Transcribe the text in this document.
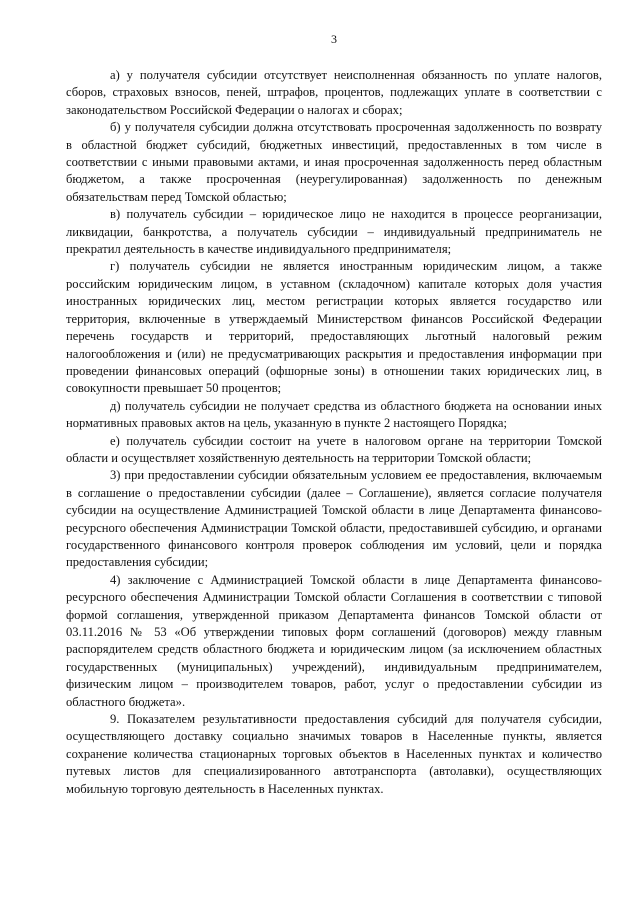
3

а) у получателя субсидии отсутствует неисполненная обязанность по уплате налогов, сборов, страховых взносов, пеней, штрафов, процентов, подлежащих уплате в соответствии с законодательством Российской Федерации о налогах и сборах;

б) у получателя субсидии должна отсутствовать просроченная задолженность по возврату в областной бюджет субсидий, бюджетных инвестиций, предоставленных в том числе в соответствии с иными правовыми актами, и иная просроченная задолженность перед областным бюджетом, а также просроченная (неурегулированная) задолженность по денежным обязательствам перед Томской областью;

в) получатель субсидии – юридическое лицо не находится в процессе реорганизации, ликвидации, банкротства, а получатель субсидии – индивидуальный предприниматель не прекратил деятельность в качестве индивидуального предпринимателя;

г) получатель субсидии не является иностранным юридическим лицом, а также российским юридическим лицом, в уставном (складочном) капитале которых доля участия иностранных юридических лиц, местом регистрации которых является государство или территория, включенные в утверждаемый Министерством финансов Российской Федерации перечень государств и территорий, предоставляющих льготный налоговый режим налогообложения и (или) не предусматривающих раскрытия и предоставления информации при проведении финансовых операций (офшорные зоны) в отношении таких юридических лиц, в совокупности превышает 50 процентов;

д) получатель субсидии не получает средства из областного бюджета на основании иных нормативных правовых актов на цель, указанную в пункте 2 настоящего Порядка;

е) получатель субсидии состоит на учете в налоговом органе на территории Томской области и осуществляет хозяйственную деятельность на территории Томской области;

3) при предоставлении субсидии обязательным условием ее предоставления, включаемым в соглашение о предоставлении субсидии (далее – Соглашение), является согласие получателя субсидии на осуществление Администрацией Томской области в лице Департамента финансово-ресурсного обеспечения Администрации Томской области, предоставившей субсидию, и органами государственного финансового контроля проверок соблюдения им условий, цели и порядка предоставления субсидии;

4) заключение с Администрацией Томской области в лице Департамента финансово-ресурсного обеспечения Администрации Томской области Соглашения в соответствии с типовой формой соглашения, утвержденной приказом Департамента финансов Томской области от 03.11.2016 № 53 «Об утверждении типовых форм соглашений (договоров) между главным распорядителем средств областного бюджета и юридическим лицом (за исключением областных государственных (муниципальных) учреждений), индивидуальным предпринимателем, физическим лицом – производителем товаров, работ, услуг о предоставлении субсидии из областного бюджета».

9. Показателем результативности предоставления субсидий для получателя субсидии, осуществляющего доставку социально значимых товаров в Населенные пункты, является сохранение количества стационарных торговых объектов в Населенных пунктах и количество путевых листов для специализированного автотранспорта (автолавки), осуществляющих мобильную торговую деятельность в Населенных пунктах.
